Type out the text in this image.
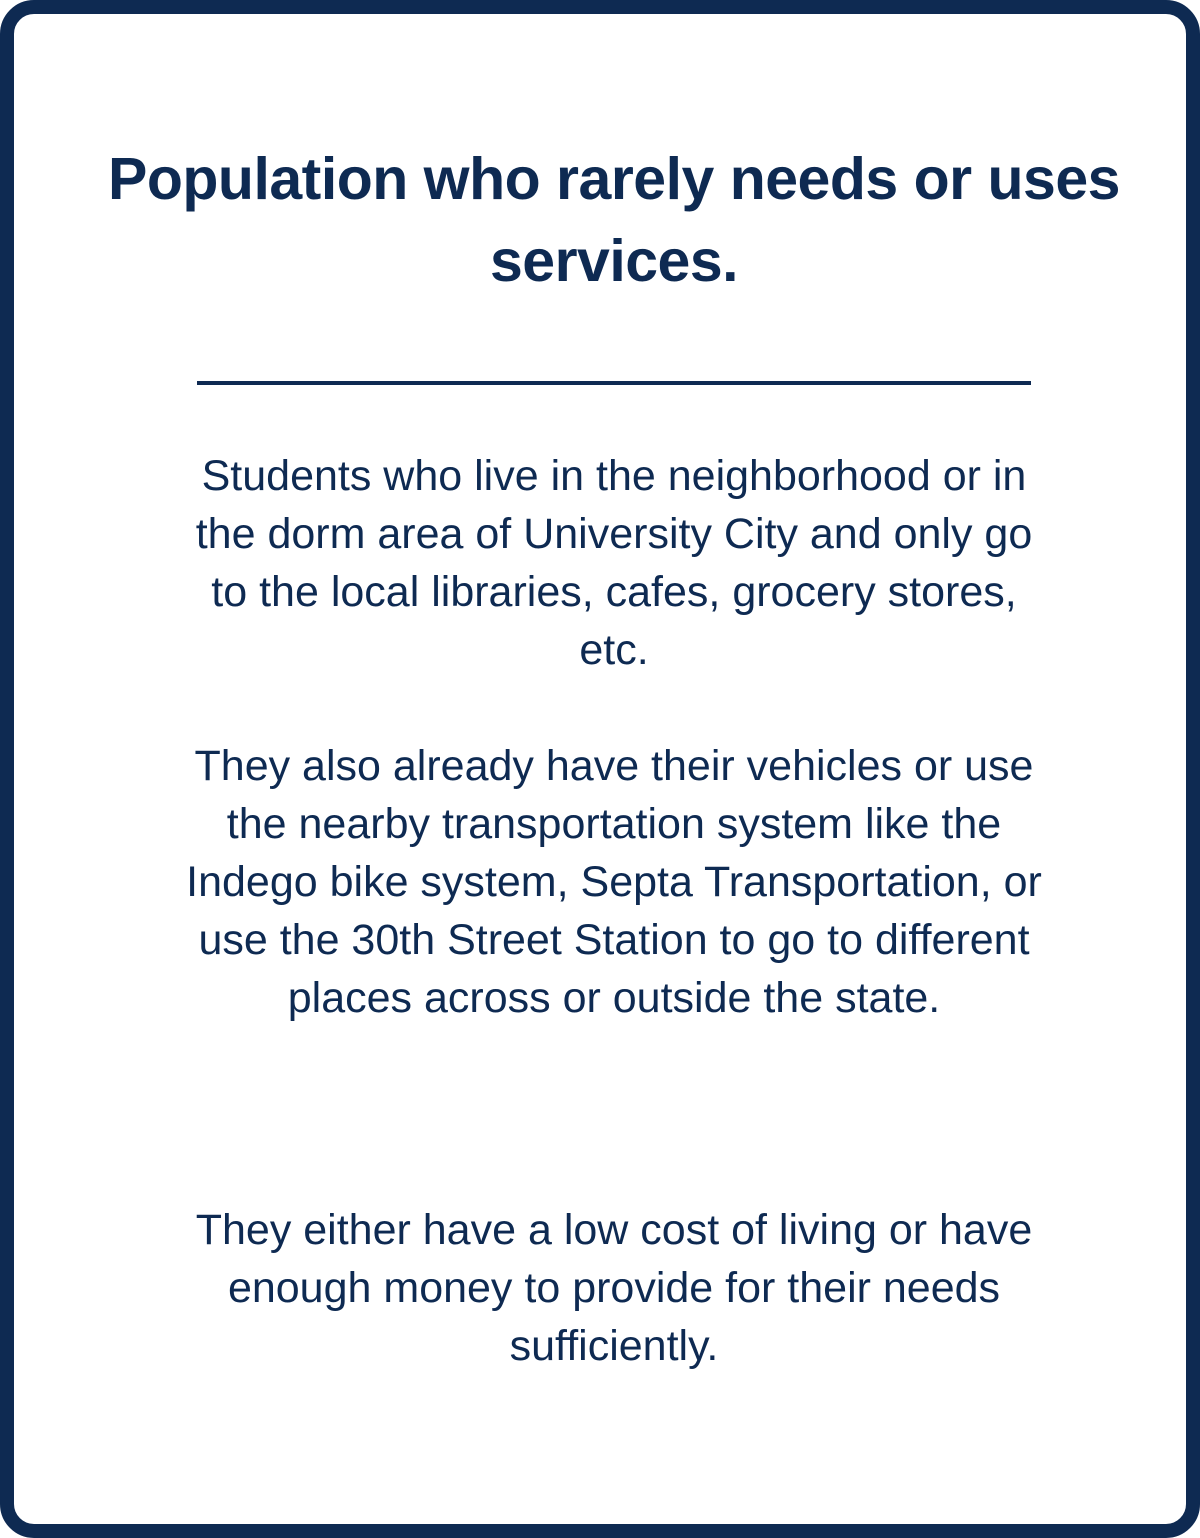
Population who rarely needs or uses services.

Students who live in the neighborhood or in the dorm area of University City and only go to the local libraries, cafes, grocery stores, etc.

They also already have their vehicles or use the nearby transportation system like the Indego bike system, Septa Transportation, or use the 30th Street Station to go to different places across or outside the state.

They either have a low cost of living or have enough money to provide for their needs sufficiently.
